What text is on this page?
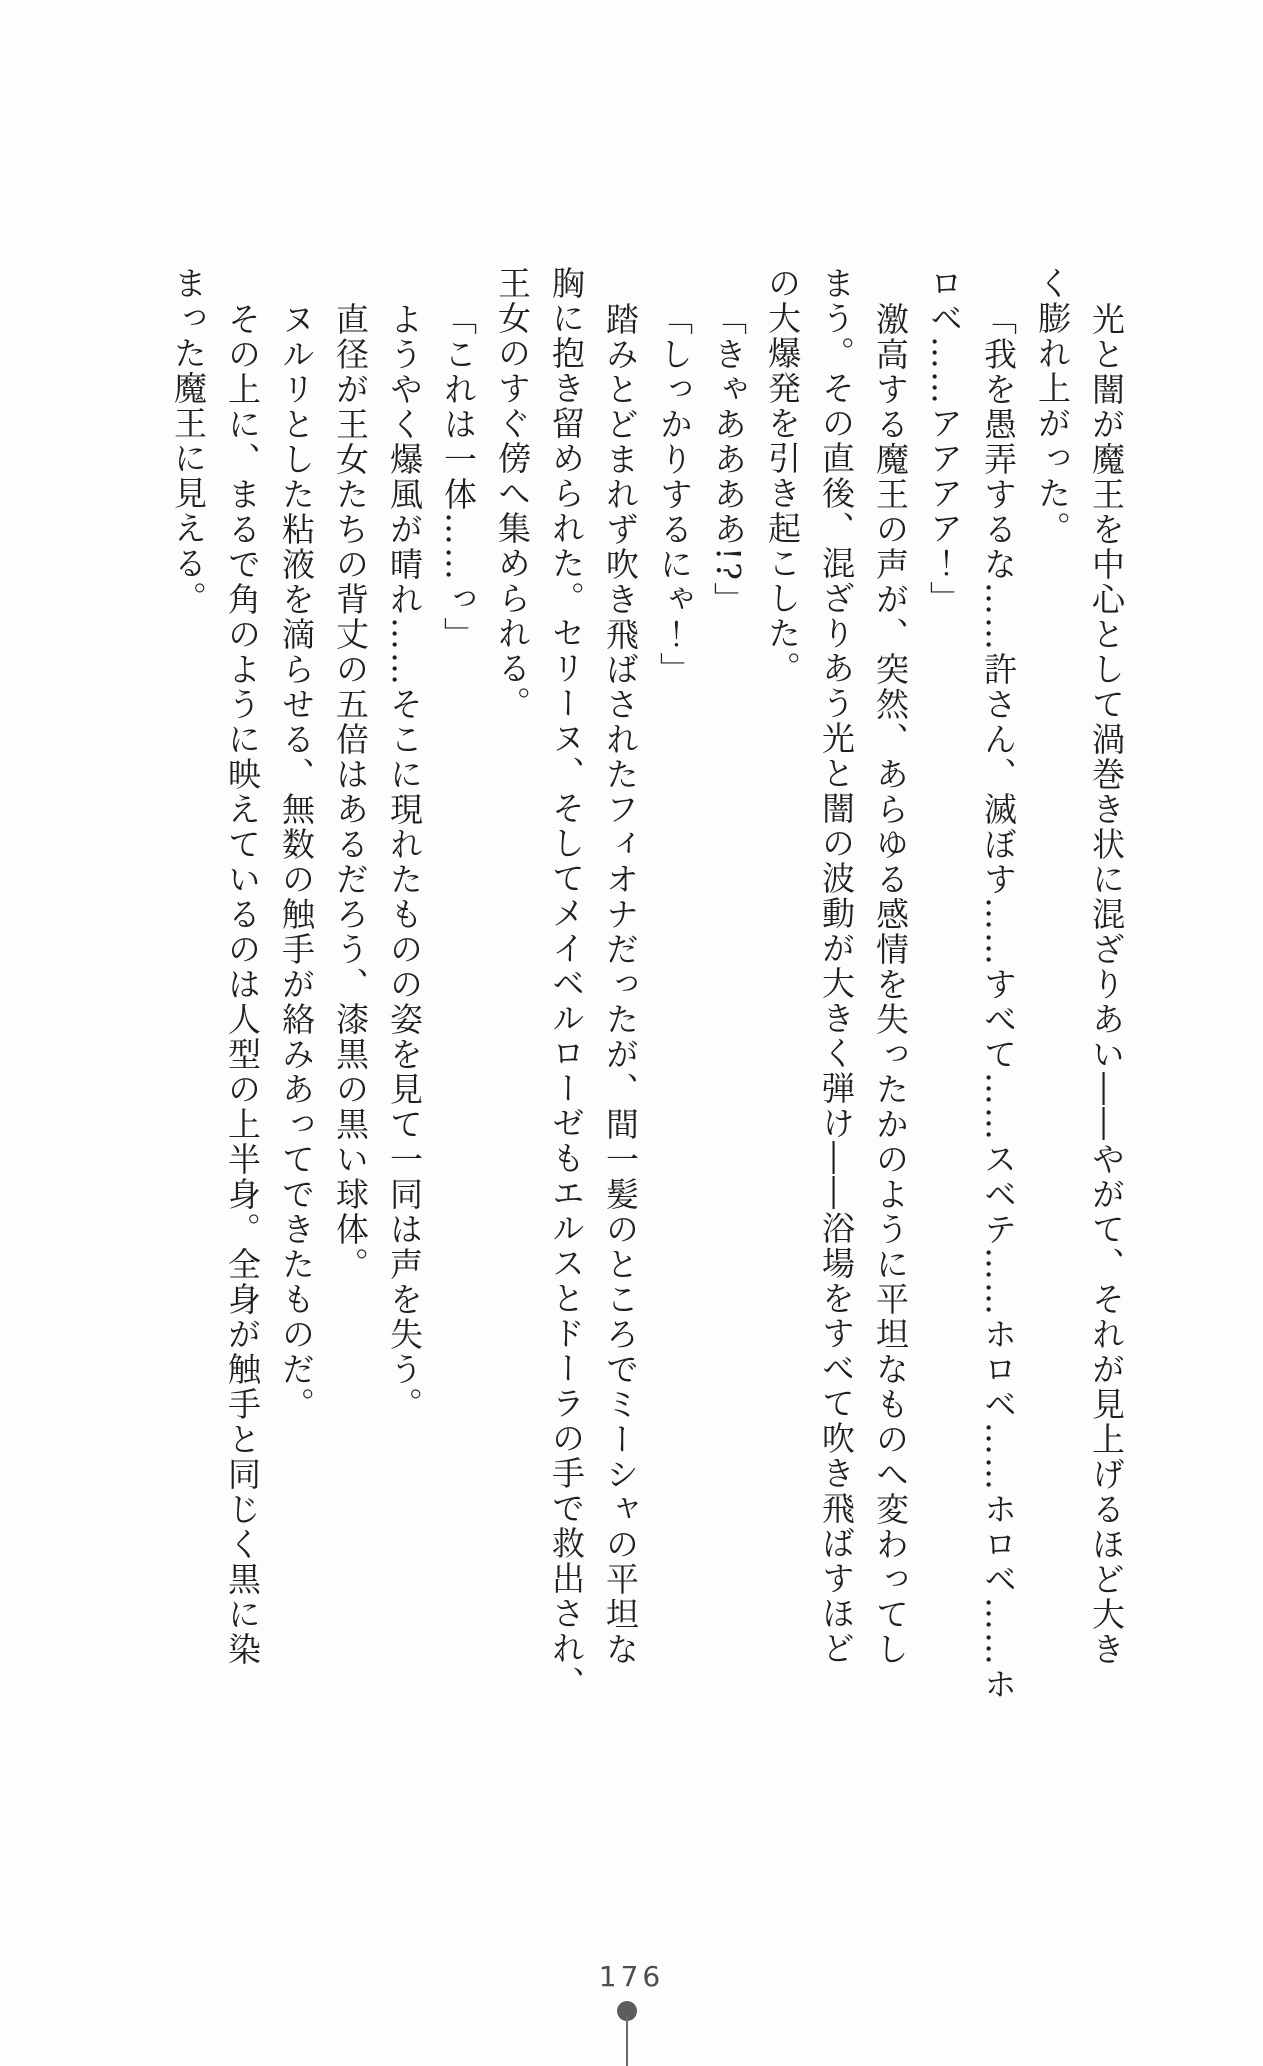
光と闇が魔王を中心として渦巻き状に混ざりあい――やがて、それが見上げるほど大き

く膨れ上がった。

「我を愚弄するな……許さん、滅ぼす……すべて……スベテ……ホロベ……ホロベ……ホ

ロベ……アアアア！」

激高する魔王の声が、突然、あらゆる感情を失ったかのように平坦なものへ変わってし

まう。その直後、混ざりあう光と闇の波動が大きく弾け――浴場をすべて吹き飛ばすほど

の大爆発を引き起こした。

「きゃああああ!?」

「しっかりするにゃ！」

踏みとどまれず吹き飛ばされたフィオナだったが、間一髪のところでミーシャの平坦な

胸に抱き留められた。セリーヌ、そしてメイベルローゼもエルスとドーラの手で救出され、

王女のすぐ傍へ集められる。

「これは一体……っ」

ようやく爆風が晴れ……そこに現れたものの姿を見て一同は声を失う。

直径が王女たちの背丈の五倍はあるだろう、漆黒の黒い球体。

ヌルリとした粘液を滴らせる、無数の触手が絡みあってできたものだ。

その上に、まるで角のように映えているのは人型の上半身。全身が触手と同じく黒に染

まった魔王に見える。

176
